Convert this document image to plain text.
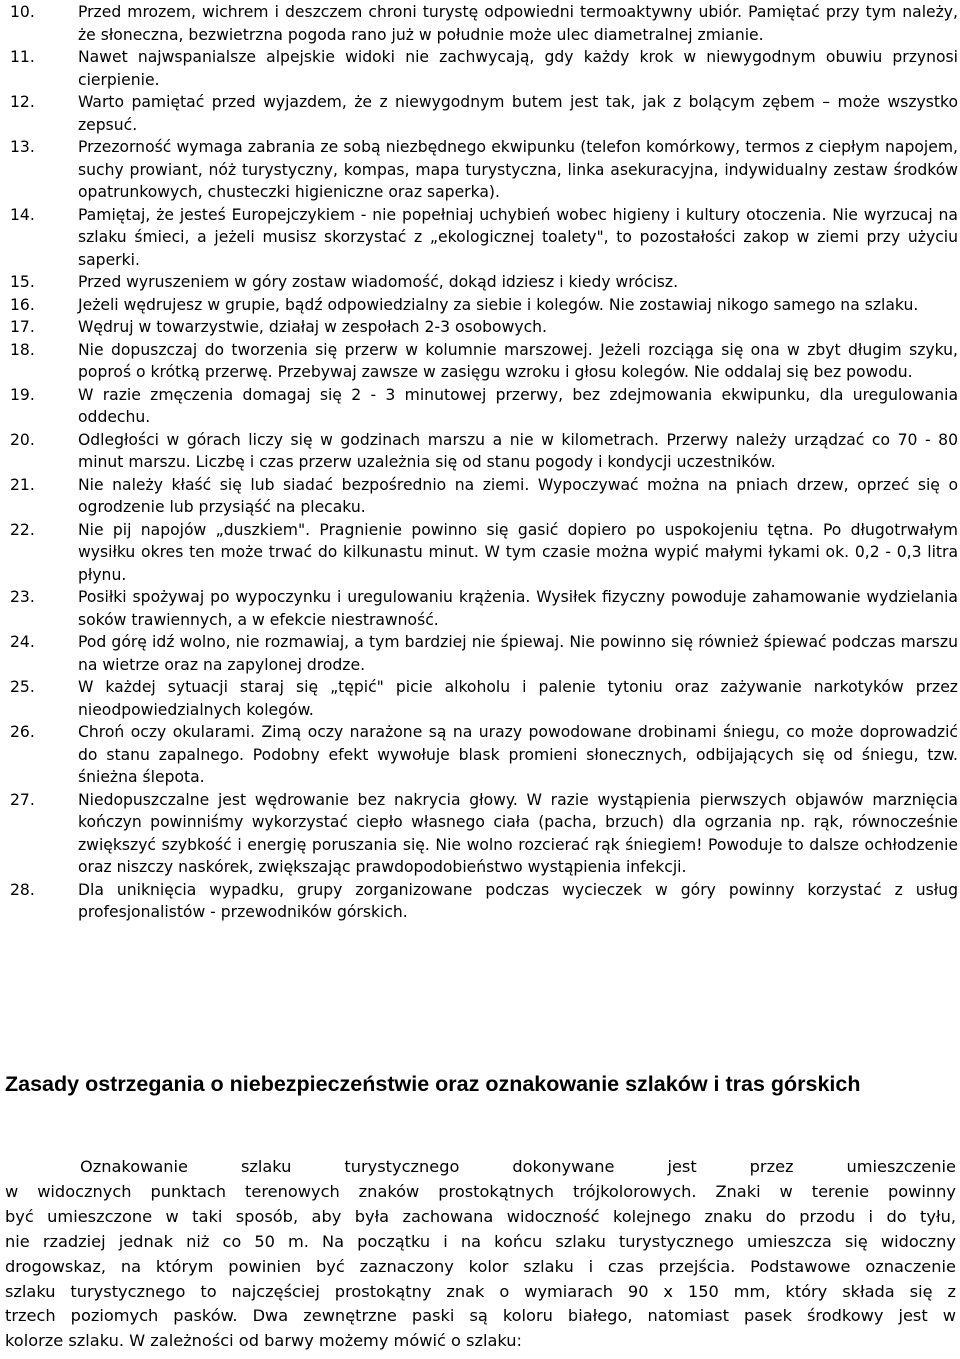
10.	Przed mrozem, wichrem i deszczem chroni turystę odpowiedni termoaktywny ubiór. Pamiętać przy tym należy, że słoneczna, bezwietrzna pogoda rano już w południe może ulec diametralnej zmianie.
11.	Nawet najwspanialsze alpejskie widoki nie zachwycają, gdy każdy krok w niewygodnym obuwiu przynosi cierpienie.
12.	Warto pamiętać przed wyjazdem, że z niewygodnym butem jest tak, jak z bolącym zębem – może wszystko zepsuć.
13.	Przezorność wymaga zabrania ze sobą niezbędnego ekwipunku (telefon komórkowy, termos z ciepłym napojem, suchy prowiant, nóż turystyczny, kompas, mapa turystyczna, linka asekuracyjna, indywidualny zestaw środków opatrunkowych, chusteczki higieniczne oraz saperka).
14.	Pamiętaj, że jesteś Europejczykiem - nie popełniaj uchybień wobec higieny i kultury otoczenia. Nie wyrzucaj na szlaku śmieci, a jeżeli musisz skorzystać z „ekologicznej toalety", to pozostałości zakop w ziemi przy użyciu saperki.
15.	Przed wyruszeniem w góry zostaw wiadomość, dokąd idziesz i kiedy wrócisz.
16.	Jeżeli wędrujesz w grupie, bądź odpowiedzialny za siebie i kolegów. Nie zostawiaj nikogo samego na szlaku.
17.	Wędruj w towarzystwie, działaj w zespołach 2-3 osobowych.
18.	Nie dopuszczaj do tworzenia się przerw w kolumnie marszowej. Jeżeli rozciąga się ona w zbyt długim szyku, poproś o krótką przerwę. Przebywaj zawsze w zasięgu wzroku i głosu kolegów. Nie oddalaj się bez powodu.
19.	W razie zmęczenia domagaj się 2 - 3 minutowej przerwy, bez zdejmowania ekwipunku, dla uregulowania oddechu.
20.	Odległości w górach liczy się w godzinach marszu a nie w kilometrach. Przerwy należy urządzać co 70 - 80 minut marszu. Liczbę i czas przerw uzależnia się od stanu pogody i kondycji uczestników.
21.	Nie należy kłaść się lub siadać bezpośrednio na ziemi. Wypoczywać można na pniach drzew, oprzeć się o ogrodzenie lub przysiąść na plecaku.
22.	Nie pij napojów „duszkiem". Pragnienie powinno się gasić dopiero po uspokojeniu tętna. Po długotrwałym wysiłku okres ten może trwać do kilkunastu minut. W tym czasie można wypić małymi łykami ok. 0,2 - 0,3 litra płynu.
23.	Posiłki spożywaj po wypoczynku i uregulowaniu krążenia. Wysiłek fizyczny powoduje zahamowanie wydzielania soków trawiennych, a w efekcie niestrawność.
24.	Pod górę idź wolno, nie rozmawiaj, a tym bardziej nie śpiewaj. Nie powinno się również śpiewać podczas marszu na wietrze oraz na zapylonej drodze.
25.	W każdej sytuacji staraj się „tępić" picie alkoholu i palenie tytoniu oraz zażywanie narkotyków przez nieodpowiedzialnych kolegów.
26.	Chroń oczy okularami. Zimą oczy narażone są na urazy powodowane drobinami śniegu, co może doprowadzić do stanu zapalnego. Podobny efekt wywołuje blask promieni słonecznych, odbijających się od śniegu, tzw. śnieżna ślepota.
27.	Niedopuszczalne jest wędrowanie bez nakrycia głowy. W razie wystąpienia pierwszych objawów marznięcia kończyn powinniśmy wykorzystać ciepło własnego ciała (pacha, brzuch) dla ogrzania np. rąk, równocześnie zwiększyć szybkość i energię poruszania się. Nie wolno rozcierać rąk śniegiem! Powoduje to dalsze ochłodzenie oraz niszczy naskórek, zwiększając prawdopodobieństwo wystąpienia infekcji.
28.	Dla uniknięcia wypadku, grupy zorganizowane podczas wycieczek w góry powinny korzystać z usług profesjonalistów - przewodników górskich.
Zasady ostrzegania o niebezpieczeństwie oraz oznakowanie szlaków i tras górskich

Oznakowanie szlaku turystycznego dokonywane jest przez umieszczenie
w widocznych punktach terenowych znaków prostokątnych trójkolorowych. Znaki w terenie powinny
być umieszczone w taki sposób, aby była zachowana widoczność kolejnego znaku do przodu i do tyłu,
nie rzadziej jednak niż co 50 m. Na początku i na końcu szlaku turystycznego umieszcza się widoczny
drogowskaz, na którym powinien być zaznaczony kolor szlaku i czas przejścia. Podstawowe oznaczenie
szlaku turystycznego to najczęściej prostokątny znak o wymiarach 90 x 150 mm, który składa się z
trzech poziomych pasków. Dwa zewnętrzne paski są koloru białego, natomiast pasek środkowy jest w
kolorze szlaku. W zależności od barwy możemy mówić o szlaku:
